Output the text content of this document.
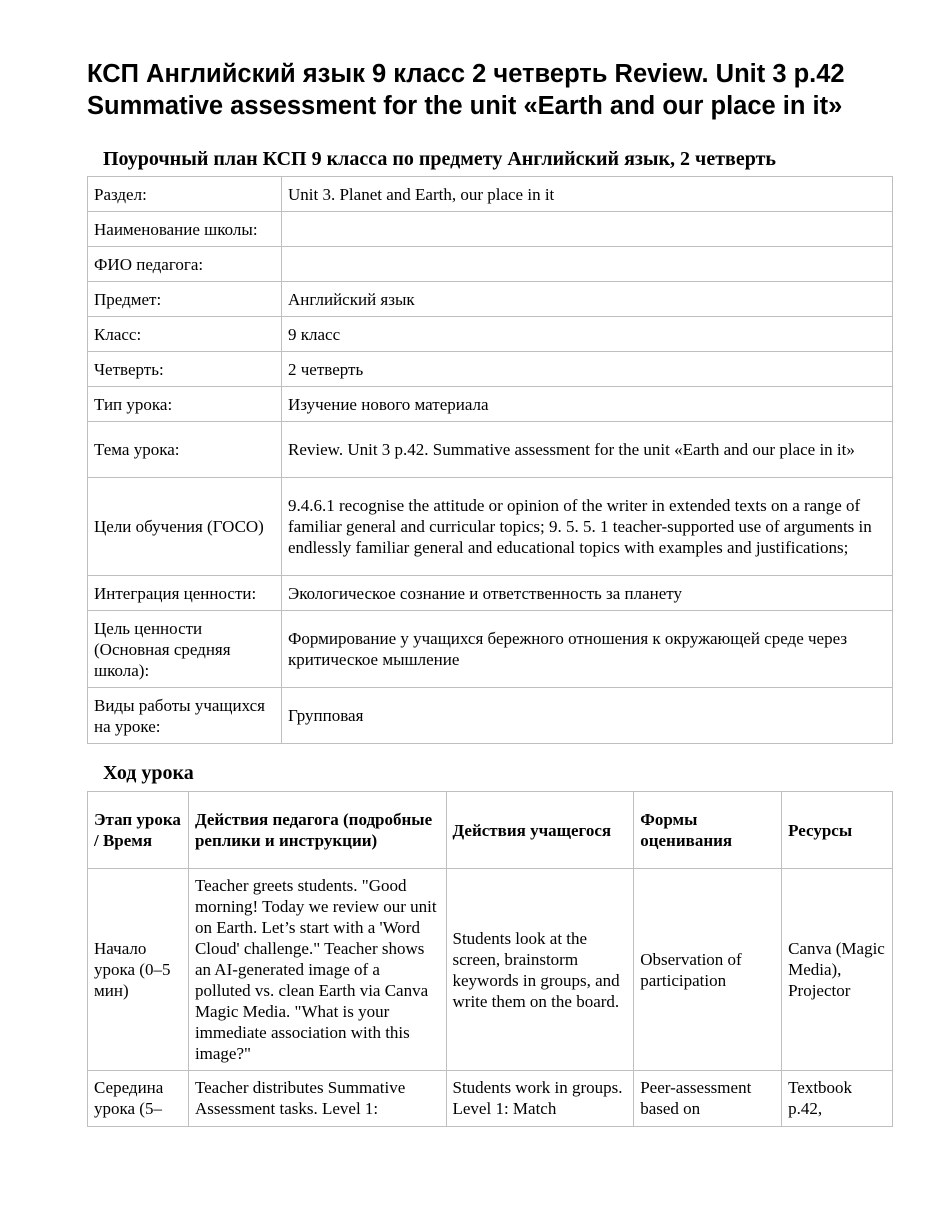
КСП Английский язык 9 класс 2 четверть Review. Unit 3 p.42 Summative assessment for the unit «Earth and our place in it»
Поурочный план КСП 9 класса по предмету Английский язык, 2 четверть
Раздел:	Unit 3. Planet and Earth, our place in it
Наименование школы:	
ФИО педагога:	
Предмет:	Английский язык
Класс:	9 класс
Четверть:	2 четверть
Тип урока:	Изучение нового материала
Тема урока:	Review. Unit 3 p.42. Summative assessment for the unit «Earth and our place in it»
Цели обучения (ГОСО)	9.4.6.1 recognise the attitude or opinion of the writer in extended texts on a range of familiar general and curricular topics; 9. 5. 5. 1 teacher-supported use of arguments in endlessly familiar general and educational topics with examples and justifications;
Интеграция ценности:	Экологическое сознание и ответственность за планету
Цель ценности (Основная средняя школа):	Формирование у учащихся бережного отношения к окружающей среде через критическое мышление
Виды работы учащихся на уроке:	Групповая
Ход урока
Этап урока / Время	Действия педагога (подробные реплики и инструкции)	Действия учащегося	Формы оценивания	Ресурсы
Начало урока (0–5 мин)	Teacher greets students. "Good morning! Today we review our unit on Earth. Let’s start with a 'Word Cloud' challenge." Teacher shows an AI-generated image of a polluted vs. clean Earth via Canva Magic Media. "What is your immediate association with this image?"	Students look at the screen, brainstorm keywords in groups, and write them on the board.	Observation of participation	Canva (Magic Media), Projector
Середина урока (5–	Teacher distributes Summative Assessment tasks. Level 1:	Students work in groups. Level 1: Match	Peer-assessment based on	Textbook p.42,
